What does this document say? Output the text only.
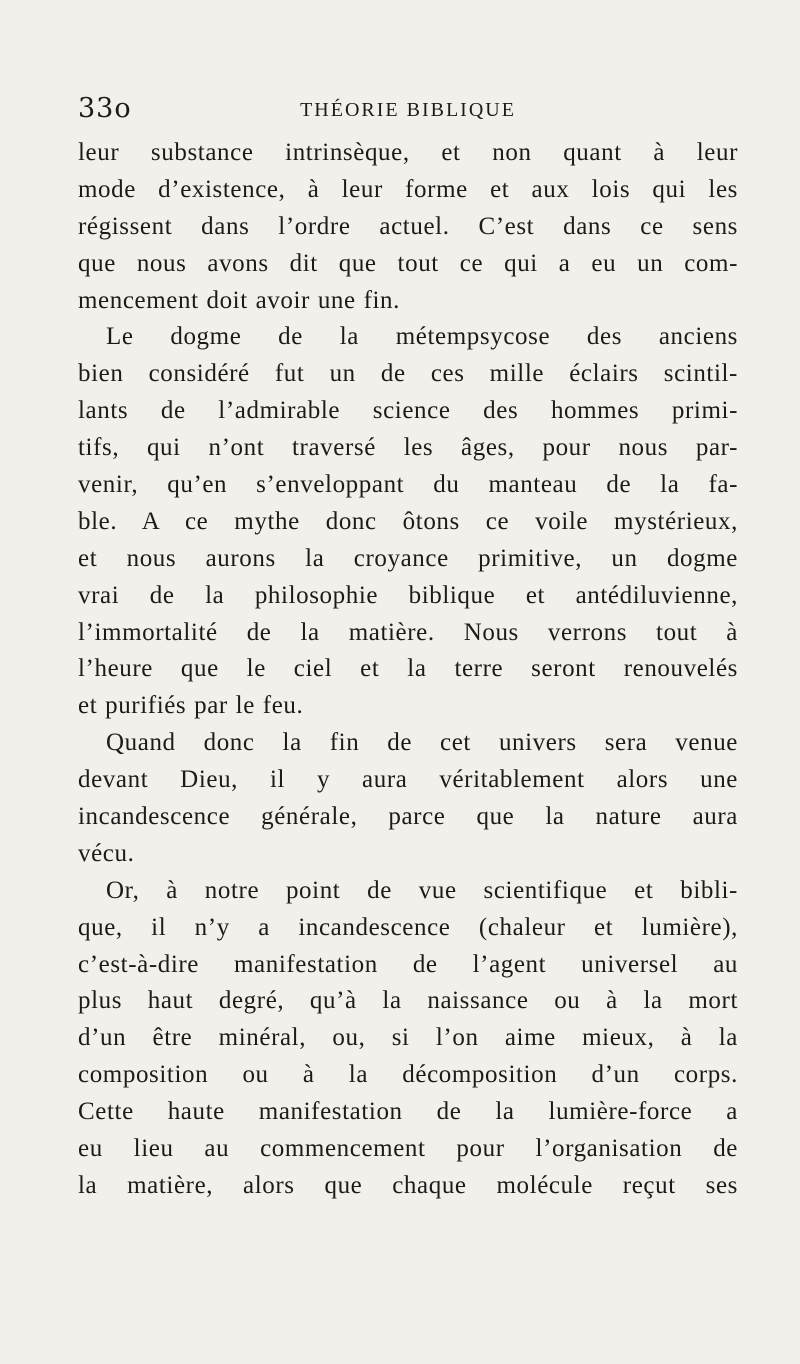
33o	THÉORIE BIBLIQUE
leur substance intrinsèque, et non quant à leur
mode d’existence, à leur forme et aux lois qui les
régissent dans l’ordre actuel. C’est dans ce sens
que nous avons dit que tout ce qui a eu un com-
mencement doit avoir une fin.
Le dogme de la métempsycose des anciens
bien considéré fut un de ces mille éclairs scintil-
lants de l’admirable science des hommes primi-
tifs, qui n’ont traversé les âges, pour nous par-
venir, qu’en s’enveloppant du manteau de la fa-
ble. A ce mythe donc ôtons ce voile mystérieux,
et nous aurons la croyance primitive, un dogme
vrai de la philosophie biblique et antédiluvienne,
l’immortalité de la matière. Nous verrons tout à
l’heure que le ciel et la terre seront renouvelés
et purifiés par le feu.
Quand donc la fin de cet univers sera venue
devant Dieu, il y aura véritablement alors une
incandescence générale, parce que la nature aura
vécu.
Or, à notre point de vue scientifique et bibli-
que, il n’y a incandescence (chaleur et lumière),
c’est-à-dire manifestation de l’agent universel au
plus haut degré, qu’à la naissance ou à la mort
d’un être minéral, ou, si l’on aime mieux, à la
composition ou à la décomposition d’un corps.
Cette haute manifestation de la lumière-force a
eu lieu au commencement pour l’organisation de
la matière, alors que chaque molécule reçut ses
